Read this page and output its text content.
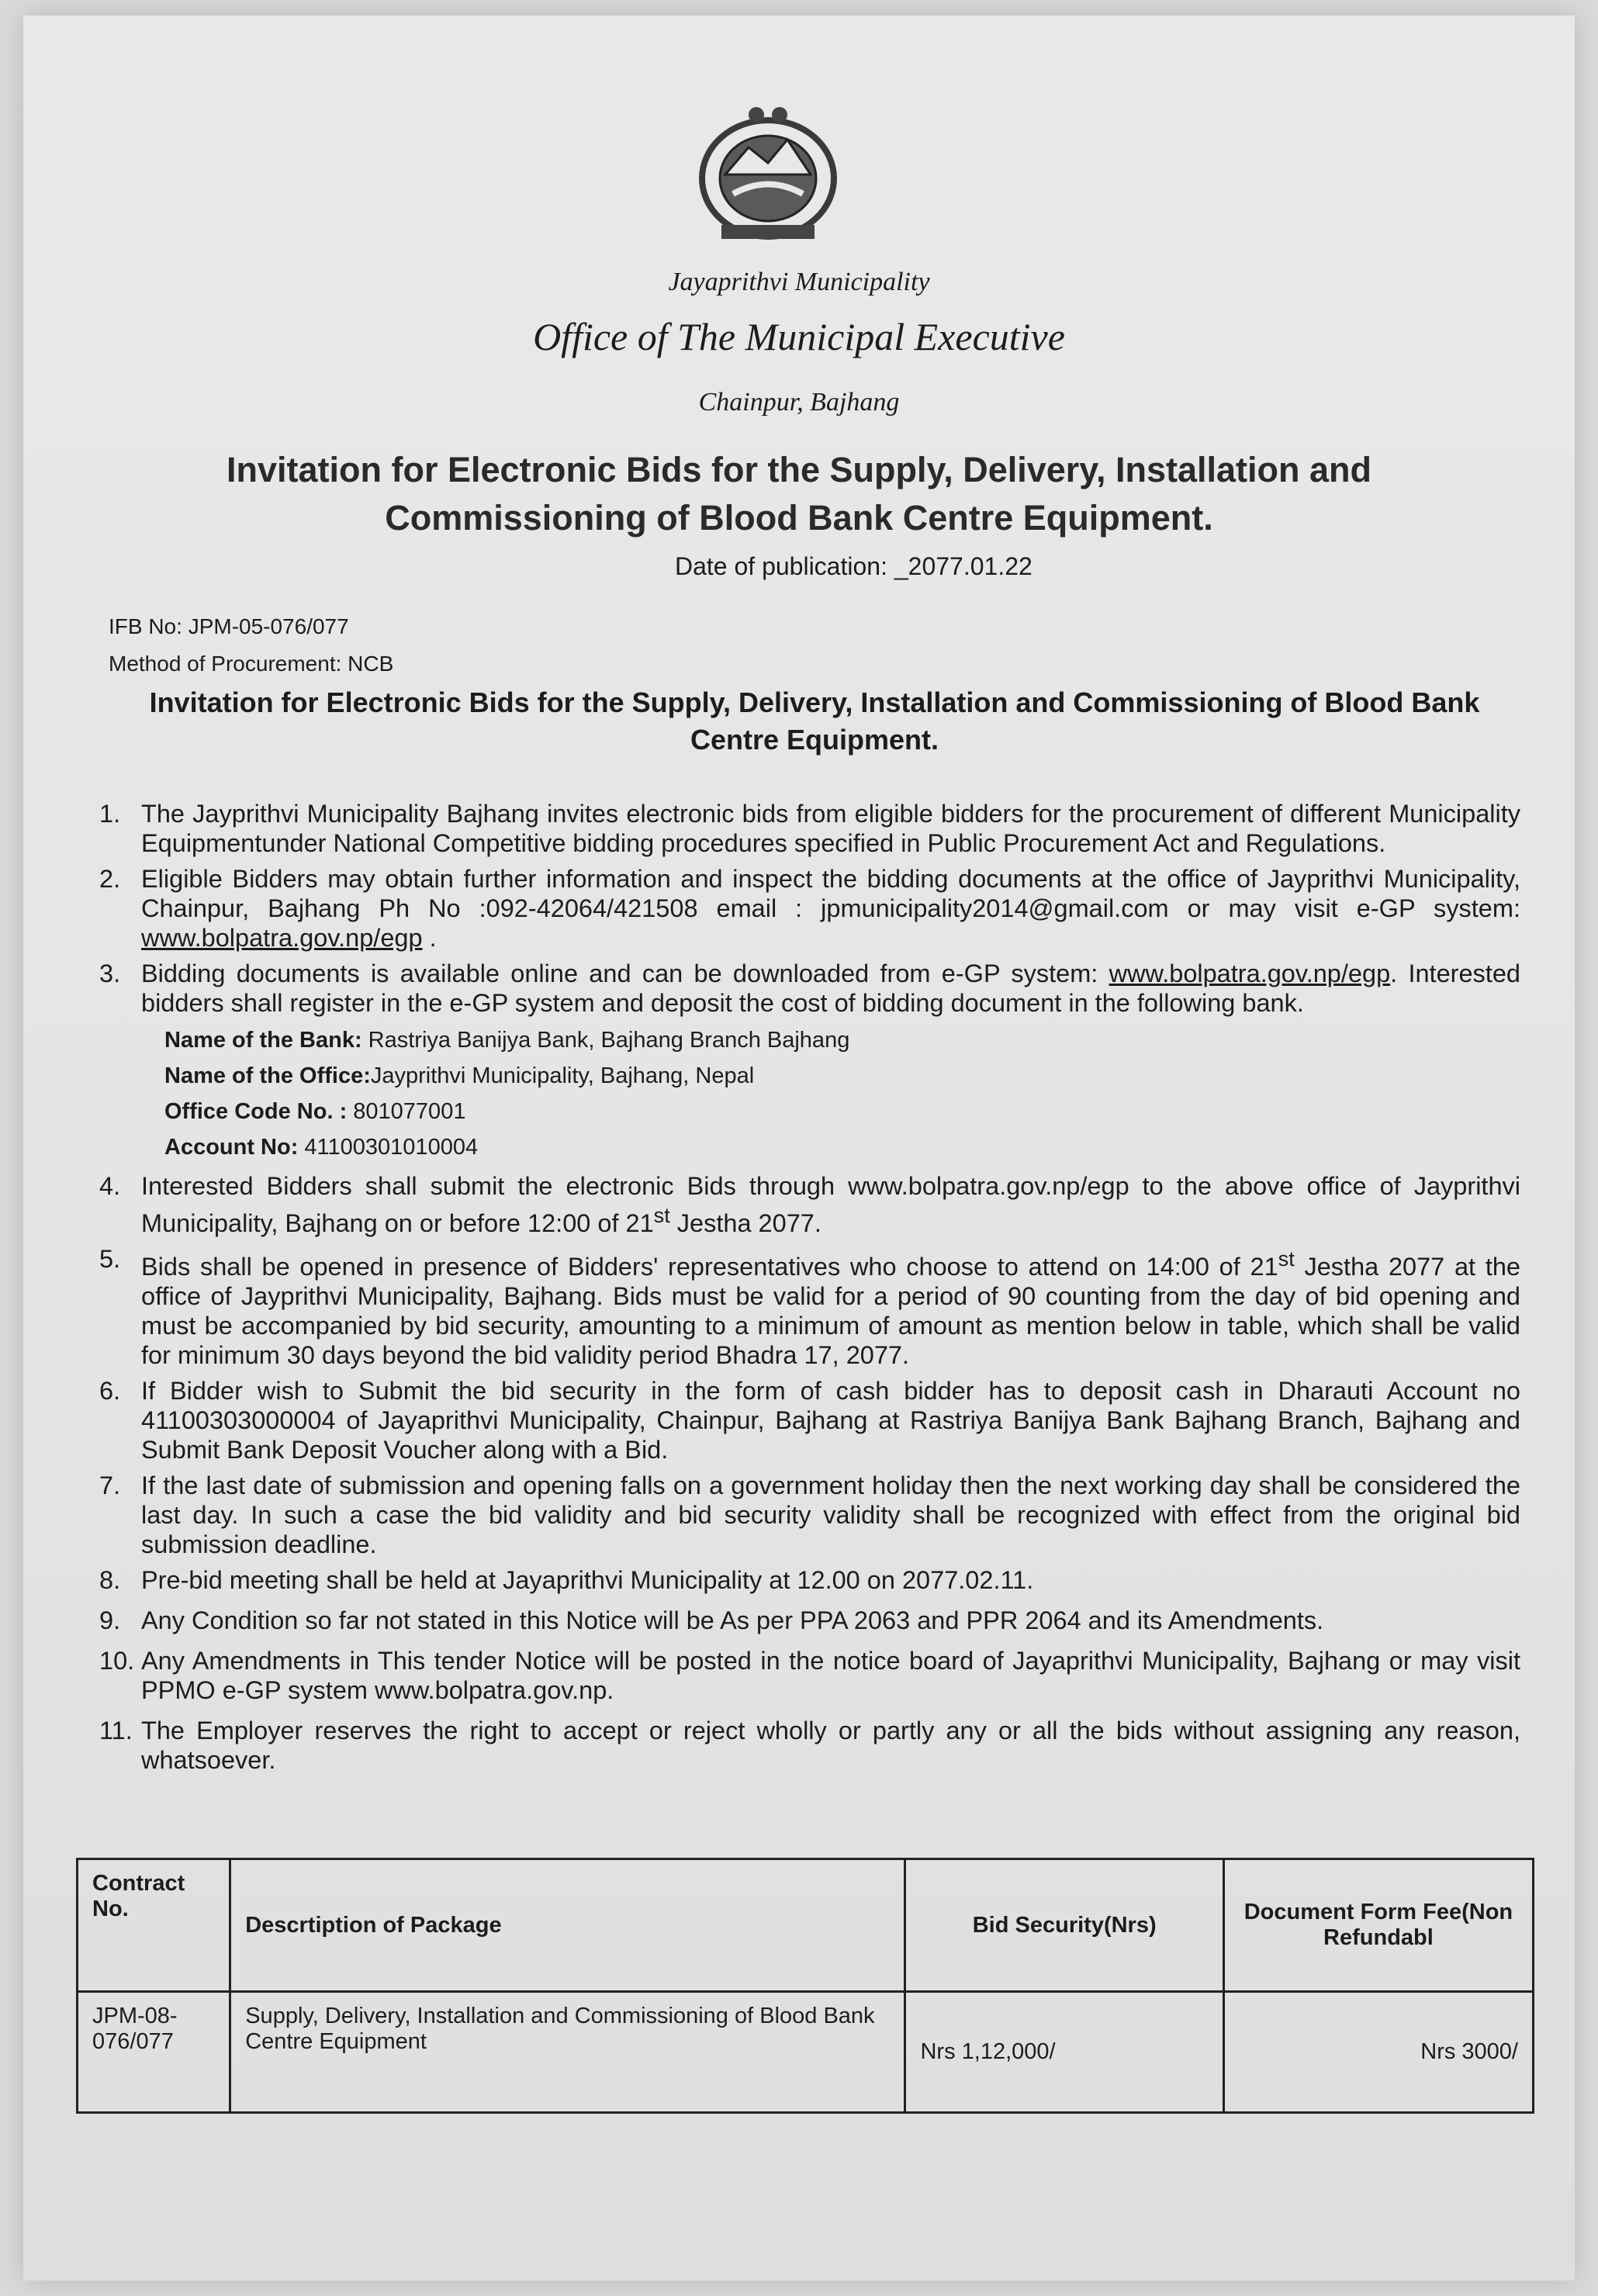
Jayaprithvi Municipality
Office of The Municipal Executive
Chainpur, Bajhang
Invitation for Electronic Bids for the Supply, Delivery, Installation and Commissioning of Blood Bank Centre Equipment.
Date of publication: _2077.01.22
IFB No: JPM-05-076/077
Method of Procurement: NCB
Invitation for Electronic Bids for the Supply, Delivery, Installation and Commissioning of Blood Bank Centre Equipment.
1. The Jayprithvi Municipality Bajhang invites electronic bids from eligible bidders for the procurement of different Municipality Equipmentunder National Competitive bidding procedures specified in Public Procurement Act and Regulations.
2. Eligible Bidders may obtain further information and inspect the bidding documents at the office of Jayprithvi Municipality, Chainpur, Bajhang Ph No :092-42064/421508 email : jpmunicipality2014@gmail.com or may visit e-GP system: www.bolpatra.gov.np/egp .
3. Bidding documents is available online and can be downloaded from e-GP system: www.bolpatra.gov.np/egp. Interested bidders shall register in the e-GP system and deposit the cost of bidding document in the following bank.
Name of the Bank: Rastriya Banijya Bank, Bajhang Branch Bajhang
Name of the Office:Jayprithvi Municipality, Bajhang, Nepal
Office Code No. : 801077001
Account No: 41100301010004
4. Interested Bidders shall submit the electronic Bids through www.bolpatra.gov.np/egp to the above office of Jayprithvi Municipality, Bajhang on or before 12:00 of 21st Jestha 2077.
5. Bids shall be opened in presence of Bidders' representatives who choose to attend on 14:00 of 21st Jestha 2077 at the office of Jayprithvi Municipality, Bajhang. Bids must be valid for a period of 90 counting from the day of bid opening and must be accompanied by bid security, amounting to a minimum of amount as mention below in table, which shall be valid for minimum 30 days beyond the bid validity period Bhadra 17, 2077.
6. If Bidder wish to Submit the bid security in the form of cash bidder has to deposit cash in Dharauti Account no 41100303000004 of Jayaprithvi Municipality, Chainpur, Bajhang at Rastriya Banijya Bank Bajhang Branch, Bajhang and Submit Bank Deposit Voucher along with a Bid.
7. If the last date of submission and opening falls on a government holiday then the next working day shall be considered the last day. In such a case the bid validity and bid security validity shall be recognized with effect from the original bid submission deadline.
8. Pre-bid meeting shall be held at Jayaprithvi Municipality at 12.00 on 2077.02.11.
9. Any Condition so far not stated in this Notice will be As per PPA 2063 and PPR 2064 and its Amendments.
10. Any Amendments in This tender Notice will be posted in the notice board of Jayaprithvi Municipality, Bajhang or may visit PPMO e-GP system www.bolpatra.gov.np.
11. The Employer reserves the right to accept or reject wholly or partly any or all the bids without assigning any reason, whatsoever.
Contract No.	Descrtiption of Package	Bid Security(Nrs)	Document Form Fee(Non Refundabl
JPM-08-076/077	Supply, Delivery, Installation and Commissioning of Blood Bank Centre Equipment	Nrs 1,12,000/	Nrs 3000/
